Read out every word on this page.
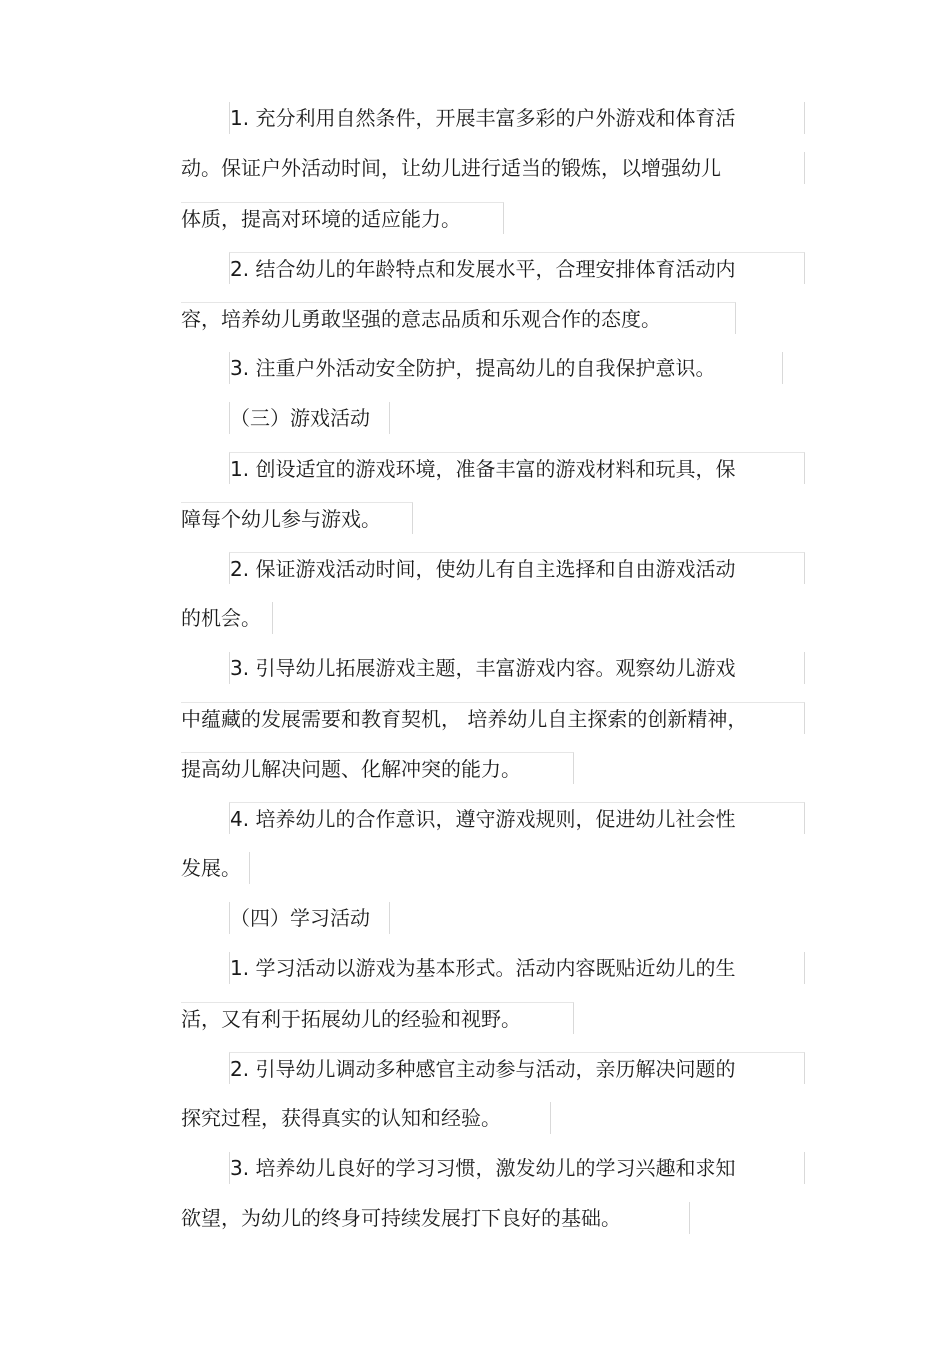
1. 充分利用自然条件，开展丰富多彩的户外游戏和体育活
动。保证户外活动时间，让幼儿进行适当的锻炼，以增强幼儿
体质，提高对环境的适应能力。
2. 结合幼儿的年龄特点和发展水平，合理安排体育活动内
容，培养幼儿勇敢坚强的意志品质和乐观合作的态度。
3. 注重户外活动安全防护，提高幼儿的自我保护意识。
（三）游戏活动
1. 创设适宜的游戏环境，准备丰富的游戏材料和玩具，保
障每个幼儿参与游戏。
2. 保证游戏活动时间，使幼儿有自主选择和自由游戏活动
的机会。
3. 引导幼儿拓展游戏主题，丰富游戏内容。观察幼儿游戏
中蕴藏的发展需要和教育契机， 培养幼儿自主探索的创新精神，
提高幼儿解决问题、化解冲突的能力。
4. 培养幼儿的合作意识，遵守游戏规则，促进幼儿社会性
发展。
（四）学习活动
1. 学习活动以游戏为基本形式。活动内容既贴近幼儿的生
活，又有利于拓展幼儿的经验和视野。
2. 引导幼儿调动多种感官主动参与活动，亲历解决问题的
探究过程，获得真实的认知和经验。
3. 培养幼儿良好的学习习惯，激发幼儿的学习兴趣和求知
欲望，为幼儿的终身可持续发展打下良好的基础。
